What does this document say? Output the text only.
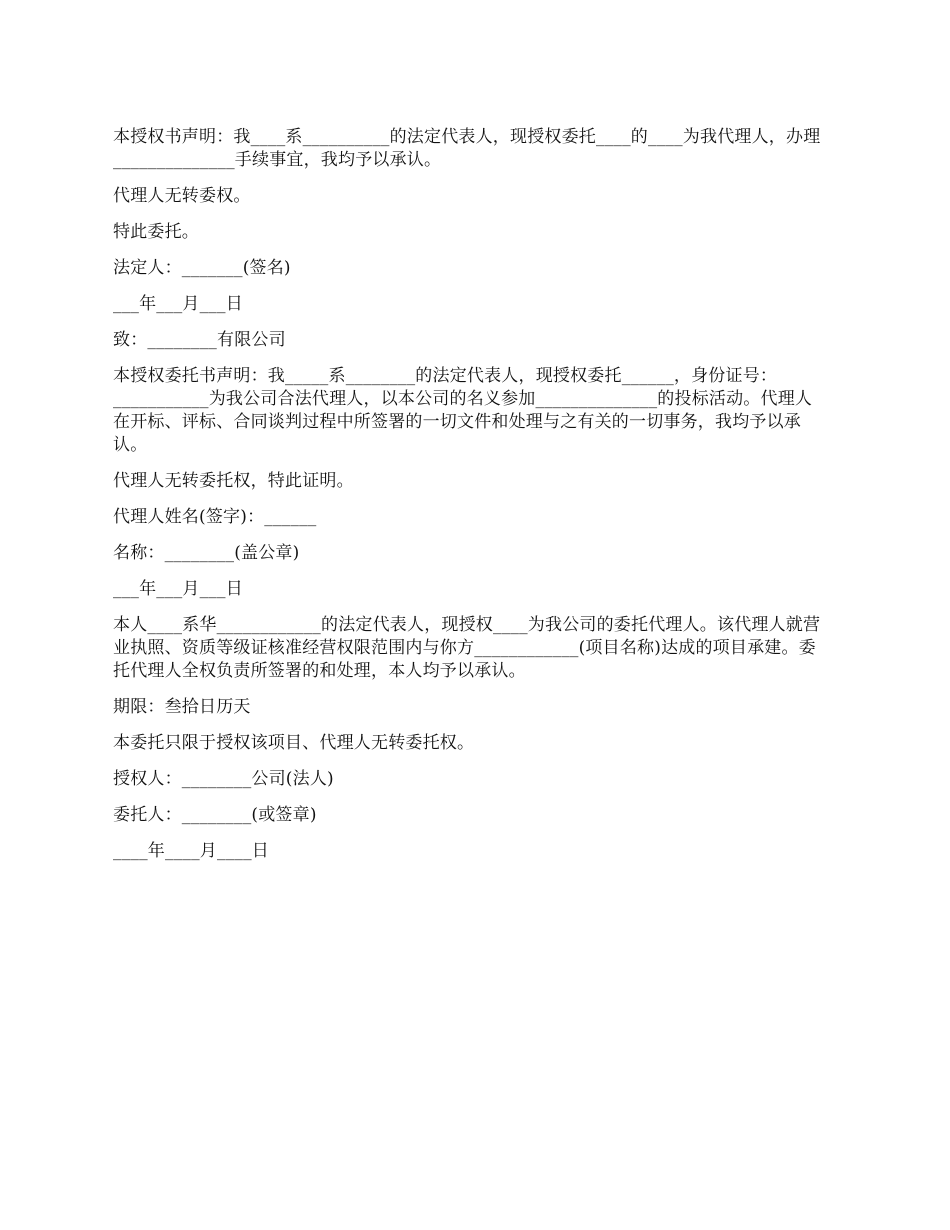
本授权书声明：我____系__________的法定代表人，现授权委托____的____为我代理人，办理______________手续事宜，我均予以承认。

代理人无转委权。

特此委托。

法定人：_______(签名)

___年___月___日

致：________有限公司

本授权委托书声明：我_____系________的法定代表人，现授权委托______，身份证号：___________为我公司合法代理人，以本公司的名义参加______________的投标活动。代理人在开标、评标、合同谈判过程中所签署的一切文件和处理与之有关的一切事务，我均予以承认。

代理人无转委托权，特此证明。

代理人姓名(签字)：______

名称：________(盖公章)

___年___月___日

本人____系华____________的法定代表人，现授权____为我公司的委托代理人。该代理人就营业执照、资质等级证核准经营权限范围内与你方____________(项目名称)达成的项目承建。委托代理人全权负责所签署的和处理，本人均予以承认。

期限：叁拾日历天

本委托只限于授权该项目、代理人无转委托权。

授权人：________公司(法人)

委托人：________(或签章)

____年____月____日
